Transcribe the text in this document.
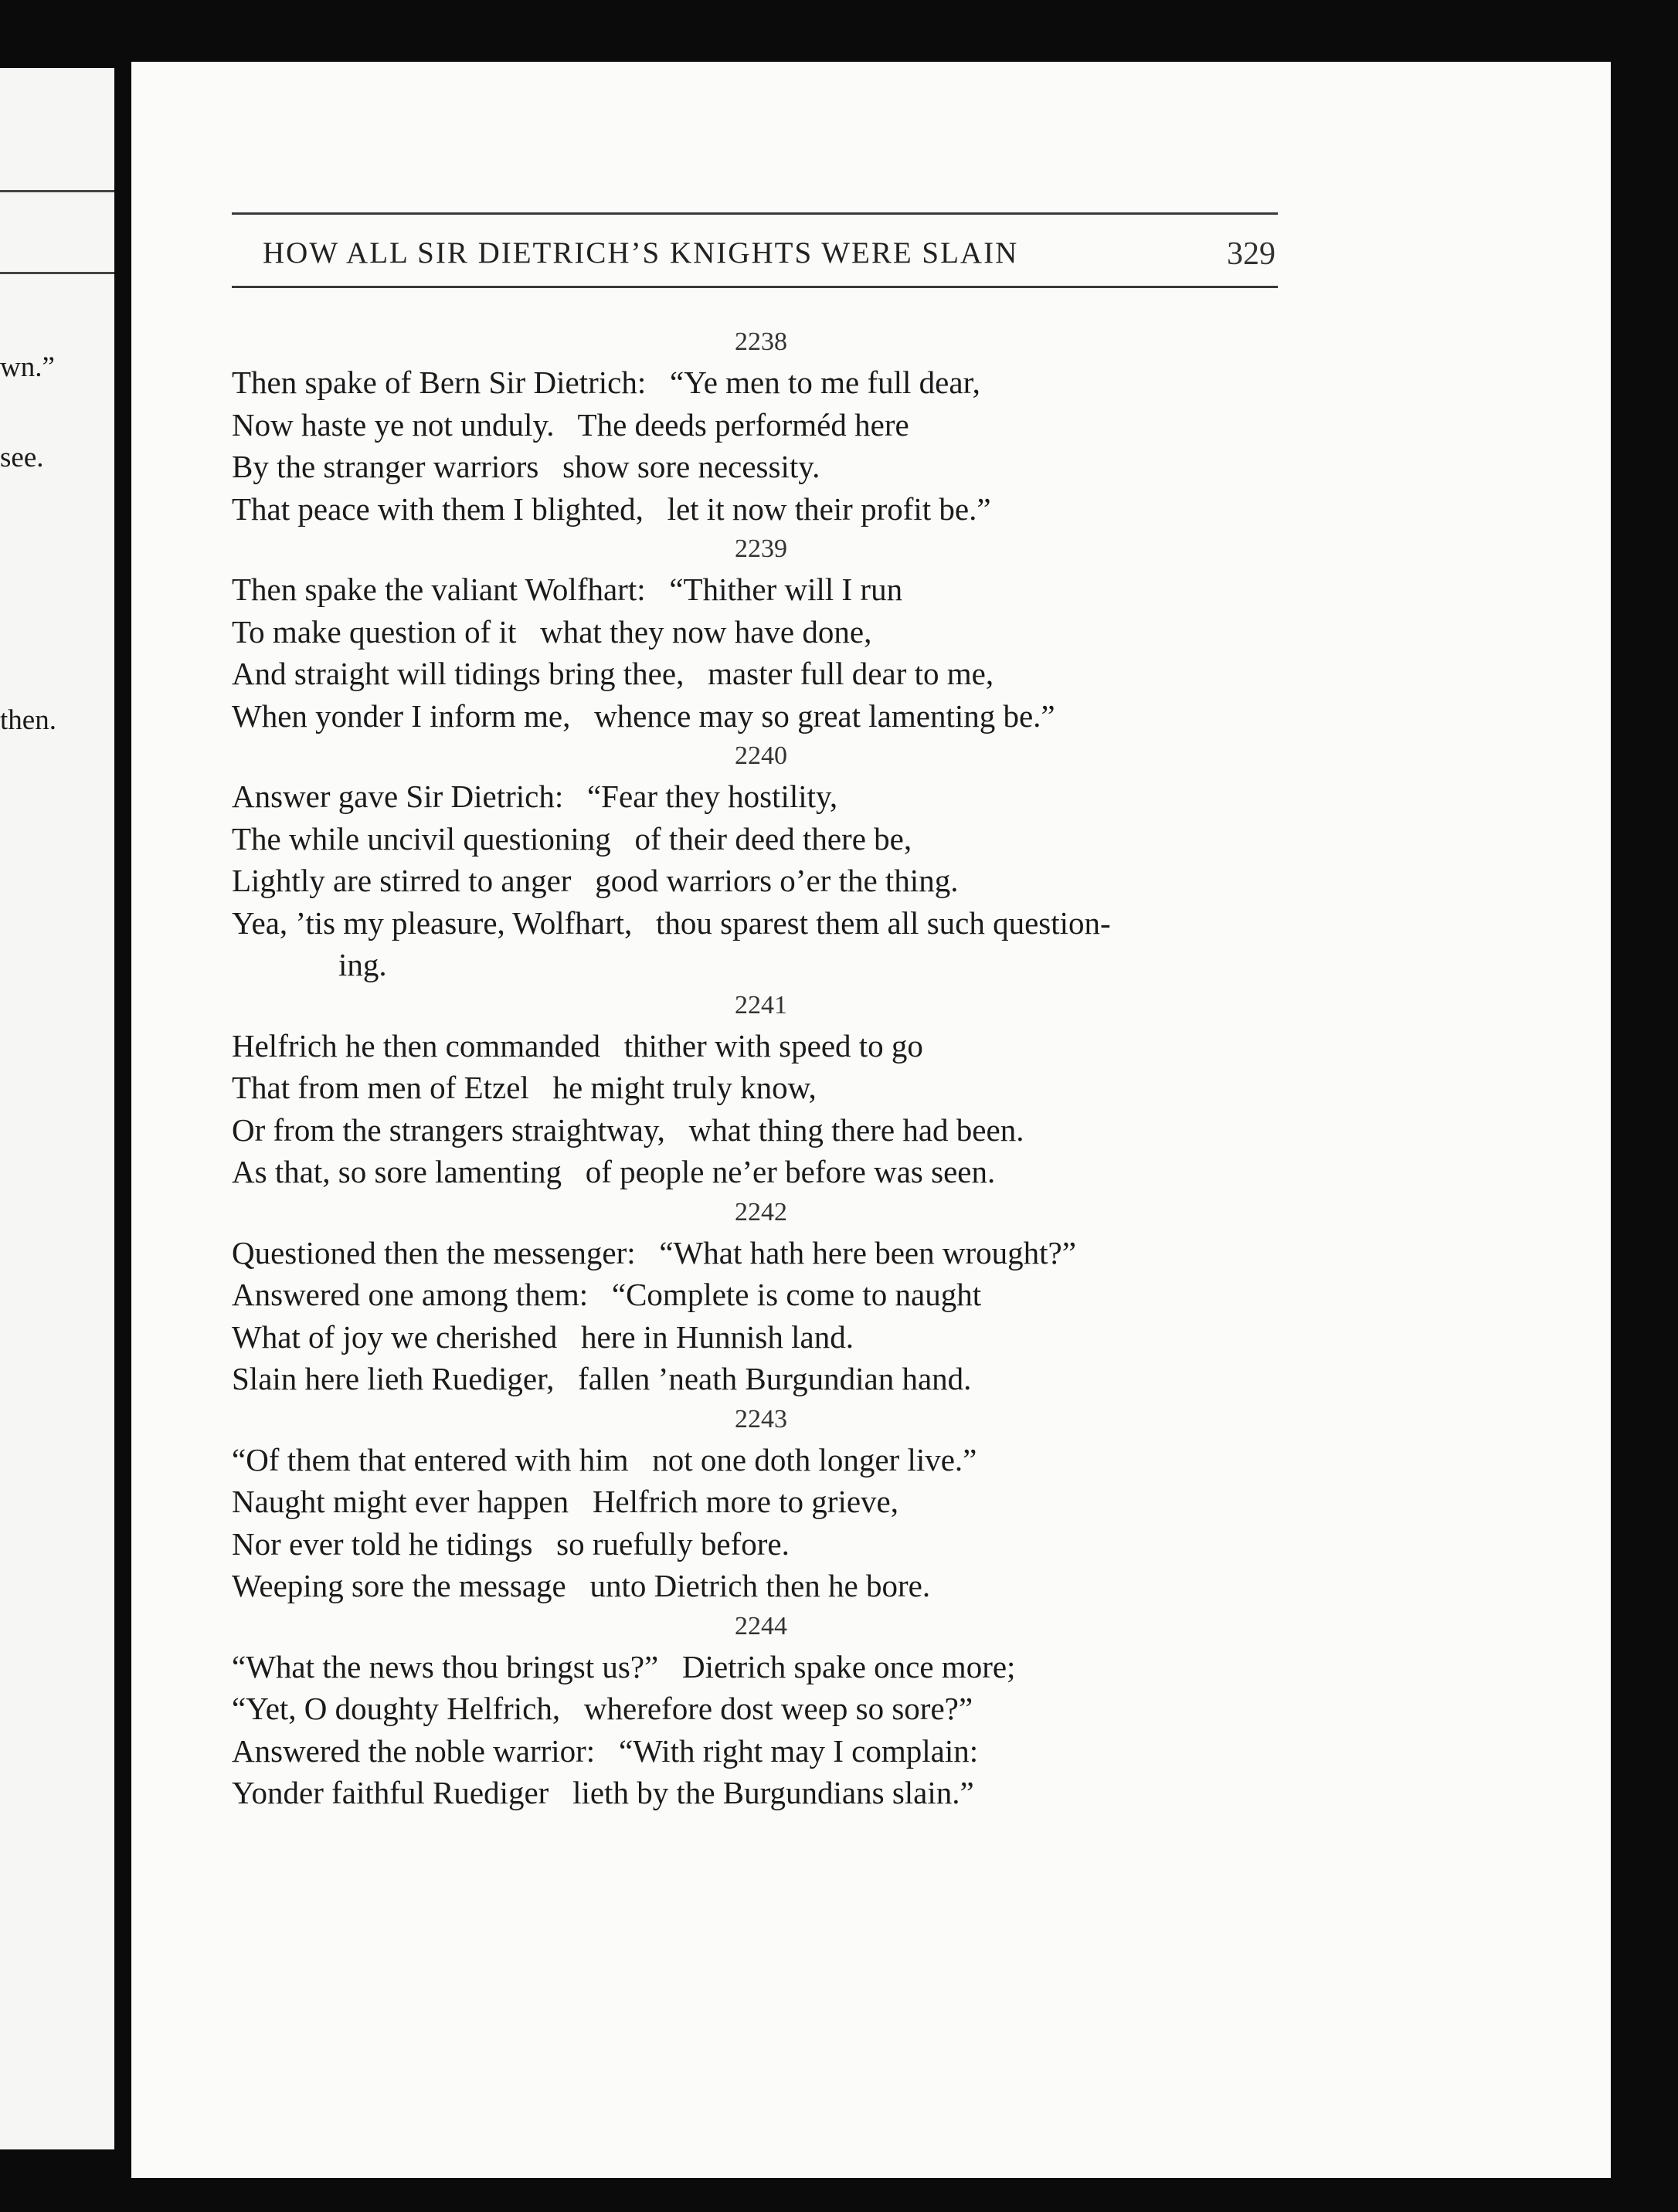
wn.”
see.
then.
HOW ALL SIR DIETRICH’S KNIGHTS WERE SLAIN	329
2238
Then spake of Bern Sir Dietrich:   “Ye men to me full dear,
Now haste ye not unduly.   The deeds performéd here
By the stranger warriors   show sore necessity.
That peace with them I blighted,   let it now their profit be.”
2239
Then spake the valiant Wolfhart:   “Thither will I run
To make question of it   what they now have done,
And straight will tidings bring thee,   master full dear to me,
When yonder I inform me,   whence may so great lamenting be.”
2240
Answer gave Sir Dietrich:   “Fear they hostility,
The while uncivil questioning   of their deed there be,
Lightly are stirred to anger   good warriors o’er the thing.
Yea, ’tis my pleasure, Wolfhart,   thou sparest them all such question-
ing.
2241
Helfrich he then commanded   thither with speed to go
That from men of Etzel   he might truly know,
Or from the strangers straightway,   what thing there had been.
As that, so sore lamenting   of people ne’er before was seen.
2242
Questioned then the messenger:   “What hath here been wrought?”
Answered one among them:   “Complete is come to naught
What of joy we cherished   here in Hunnish land.
Slain here lieth Ruediger,   fallen ’neath Burgundian hand.
2243
“Of them that entered with him   not one doth longer live.”
Naught might ever happen   Helfrich more to grieve,
Nor ever told he tidings   so ruefully before.
Weeping sore the message   unto Dietrich then he bore.
2244
“What the news thou bringst us?”   Dietrich spake once more;
“Yet, O doughty Helfrich,   wherefore dost weep so sore?”
Answered the noble warrior:   “With right may I complain:
Yonder faithful Ruediger   lieth by the Burgundians slain.”
